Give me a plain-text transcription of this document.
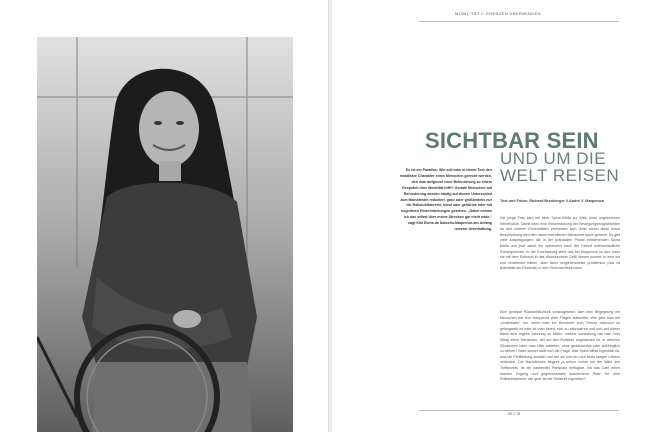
MOBIL!TÄT // GRENZEN ÜBERWINDEN
SICHTBAR SEIN
UND UM DIE
WELT REISEN
Es ist ein Paradox: Wie soll man in einem Text den mobilitäre Charakter eines Menschen gerecht werden, den man aufgrund einer Behinderung zu einem Gespräch über Mobil!tät trifft? Gerade Menschen mit Behinderung werden häufig auf diesen Unterschied zum Mainstream reduziert, ganz oder größtenteils nur die Rollstuhlfahrerin, blind oder gehörlos oder mit kognitiven Einschränkungen gesehen. „Dabei nehme ich das selbst über meine Strecken gar nicht wahr,“ sagt Kiki Elena da Dalbello-Maquenca am Anfang unserer Unterhaltung.
Text und Fotos: Richard Brenberger // André V. Maquenca
Die junge Frau kam mit einer Spina bifida zur Welt, einer angeborenen Wirbelsäule. Damit kann eine Einschränkung der Bewegungsmöglichkeiten an den unteren Extremitäten verbunden sein. Aber schon diese kurze Beschreibung wird den davon betroffenen Menschen kaum gerecht. Es gibt viele Ausprägungen: die in der pränatalen Phase entstehenden Spina bifida und jede damit hin operierens nach der Geburt unterschiedliche Konsequenzen. In der Kurzfassung steht das bei Maquenca so aus, dass sie mit dem Rollstuhl in das Wohnzentrum CeBi Wesen kommt. In dem wir uns verabredet haben, aber dann vergleichsweise problemlos (das ist jedenfalls der Eindruck) in den Stuhl wechseln kann.
Eine gewisse Rücksichtlichkeit vorausgesetzt, kam eine Begegnung mit Menschen wie Kim Maquenca viele Fragen aufwerfen: Wie geht man mit „Anderssein“ um, wenn man bei Berichten zum Thema Inklusion so gelangweilt ist oder ist man bereit, sich zu informieren und sich auf dieser Basis eine eigene Meinung zu bilden, welche Vorstellung hat man vom Alltag eines Menschen, der auf den Rollstuhl angewiesen ist, in welchen Situationen kann man Hilfe anbieten, ohne gedankenlos oder aufdringlich zu wirken? Nicht zuletzt stellt sich die Frage, was Spina bifida eigentlich ist, was die Fehlbildung ausklärt und wie sie sich im Lauf eines langen Lebens verändert. Die Nachdenken beginnt ja schon vorher mit der Wahl des Treffpunkts: Ist ein passender Parkplatz verfügbar, hat das Café einen ebenen Zugang und gegebenenfalls ausreichend Platz, für eine Rollstuhlfahrerin, wie groß ist der Rollstuhl eigentlich?
30 // 31
